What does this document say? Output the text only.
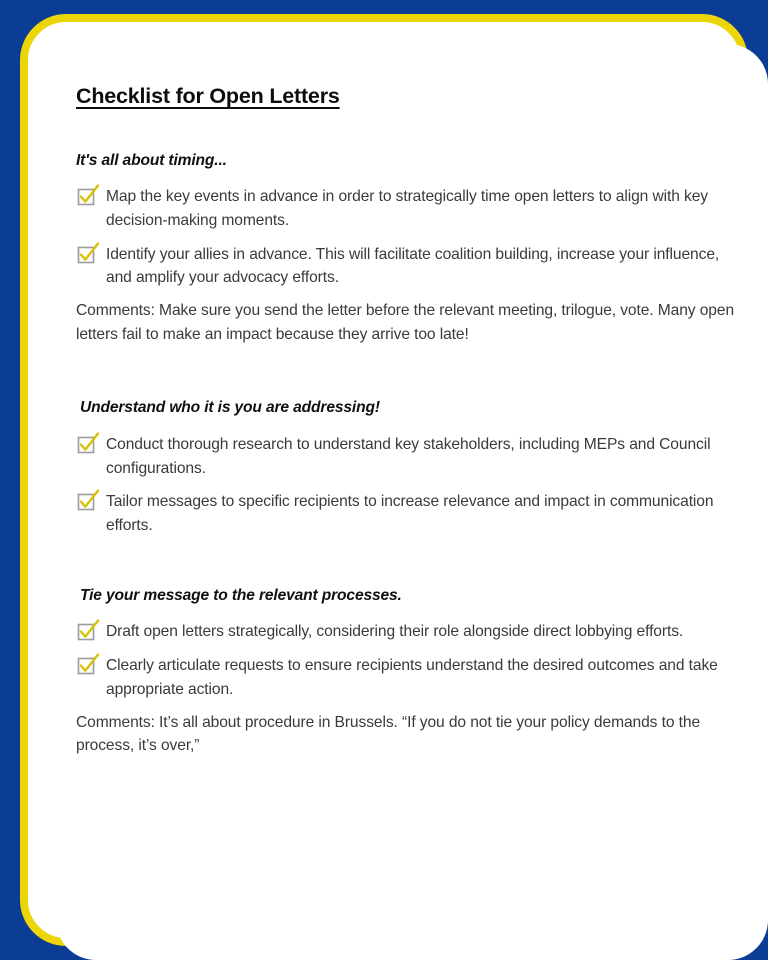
Checklist for Open Letters
It's all about timing...
Map the key events in advance in order to strategically time open letters to align with key decision-making moments.
Identify your allies in advance. This will facilitate coalition building, increase your influence, and amplify your advocacy efforts.
Comments: Make sure you send the letter before the relevant meeting, trilogue, vote. Many open letters fail to make an impact because they arrive too late!
Understand who it is you are addressing!
Conduct thorough research to understand key stakeholders, including MEPs and Council configurations.
Tailor messages to specific recipients to increase relevance and impact in communication efforts.
Tie your message to the relevant processes.
Draft open letters strategically, considering their role alongside direct lobbying efforts.
Clearly articulate requests to ensure recipients understand the desired outcomes and take appropriate action.
Comments: It’s all about procedure in Brussels. “If you do not tie your policy demands to the process, it’s over,”
